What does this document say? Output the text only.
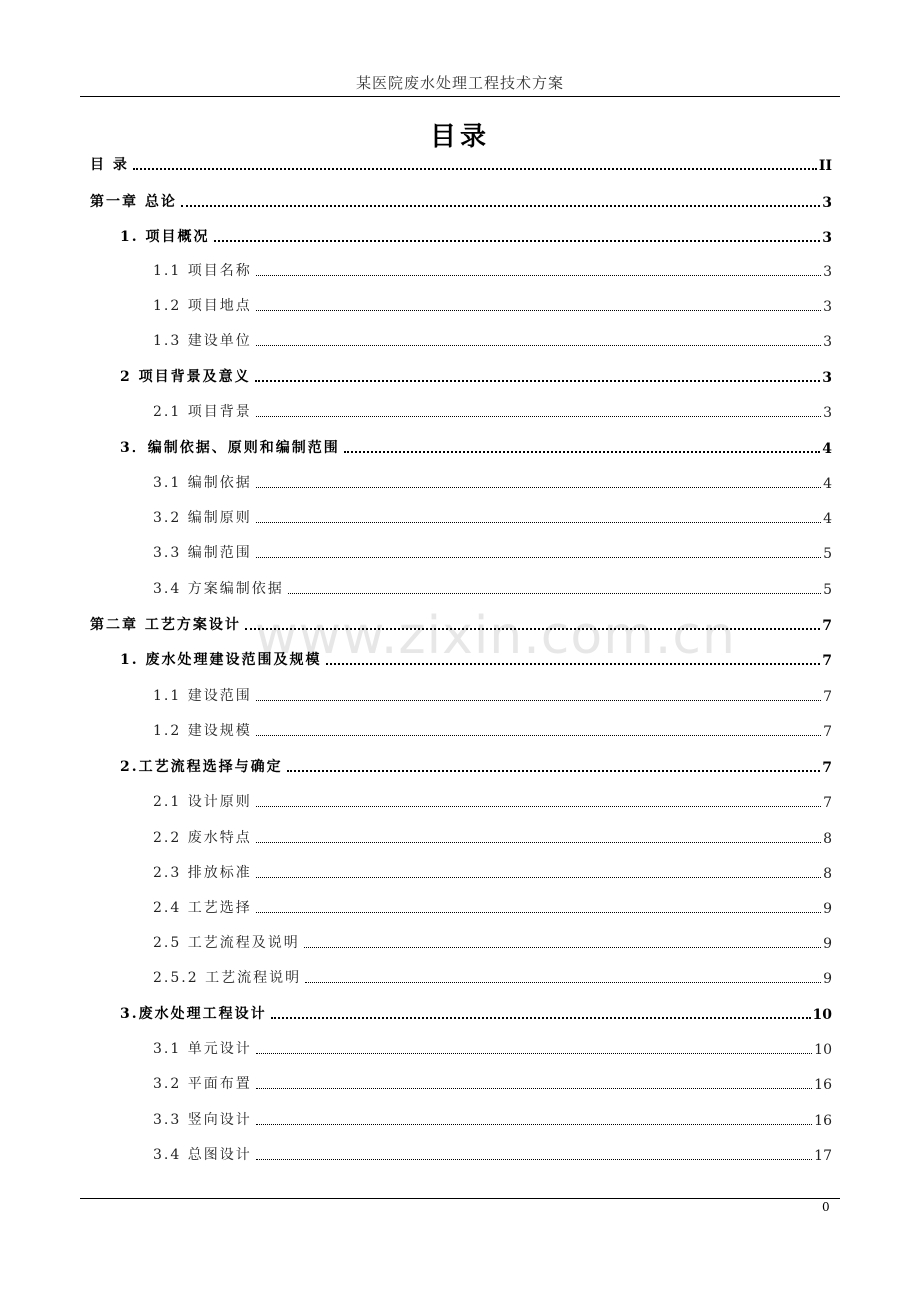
某医院废水处理工程技术方案
目录
www.zixin.com.cn
目 录	II
第一章 总论	3
1. 项目概况	3
1.1 项目名称	3
1.2 项目地点	3
1.3 建设单位	3
2 项目背景及意义	3
2.1 项目背景	3
3．编制依据、原则和编制范围	4
3.1 编制依据	4
3.2 编制原则	4
3.3 编制范围	5
3.4 方案编制依据	5
第二章 工艺方案设计	7
1. 废水处理建设范围及规模	7
1.1 建设范围	7
1.2 建设规模	7
2.工艺流程选择与确定	7
2.1 设计原则	7
2.2 废水特点	8
2.3 排放标准	8
2.4 工艺选择	9
2.5 工艺流程及说明	9
2.5.2 工艺流程说明	9
3.废水处理工程设计	10
3.1 单元设计	10
3.2 平面布置	16
3.3 竖向设计	16
3.4 总图设计	17
0
